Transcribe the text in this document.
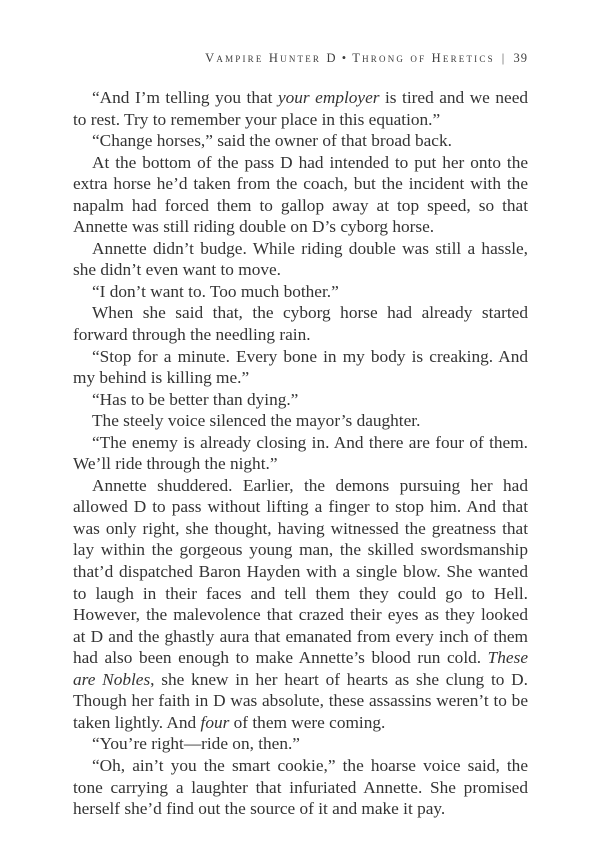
Vampire Hunter D • Throng of Heretics | 39

“And I’m telling you that your employer is tired and we need to rest. Try to remember your place in this equation.”

“Change horses,” said the owner of that broad back.

At the bottom of the pass D had intended to put her onto the extra horse he’d taken from the coach, but the incident with the napalm had forced them to gallop away at top speed, so that Annette was still riding double on D’s cyborg horse.

Annette didn’t budge. While riding double was still a hassle, she didn’t even want to move.

“I don’t want to. Too much bother.”

When she said that, the cyborg horse had already started forward through the needling rain.

“Stop for a minute. Every bone in my body is creaking. And my behind is killing me.”

“Has to be better than dying.”

The steely voice silenced the mayor’s daughter.

“The enemy is already closing in. And there are four of them. We’ll ride through the night.”

Annette shuddered. Earlier, the demons pursuing her had allowed D to pass without lifting a finger to stop him. And that was only right, she thought, having witnessed the greatness that lay within the gorgeous young man, the skilled swordsmanship that’d dispatched Baron Hayden with a single blow. She wanted to laugh in their faces and tell them they could go to Hell. However, the malevolence that crazed their eyes as they looked at D and the ghastly aura that emanated from every inch of them had also been enough to make Annette’s blood run cold. These are Nobles, she knew in her heart of hearts as she clung to D. Though her faith in D was absolute, these assassins weren’t to be taken lightly. And four of them were coming.

“You’re right—ride on, then.”

“Oh, ain’t you the smart cookie,” the hoarse voice said, the tone carrying a laughter that infuriated Annette. She promised herself she’d find out the source of it and make it pay.
